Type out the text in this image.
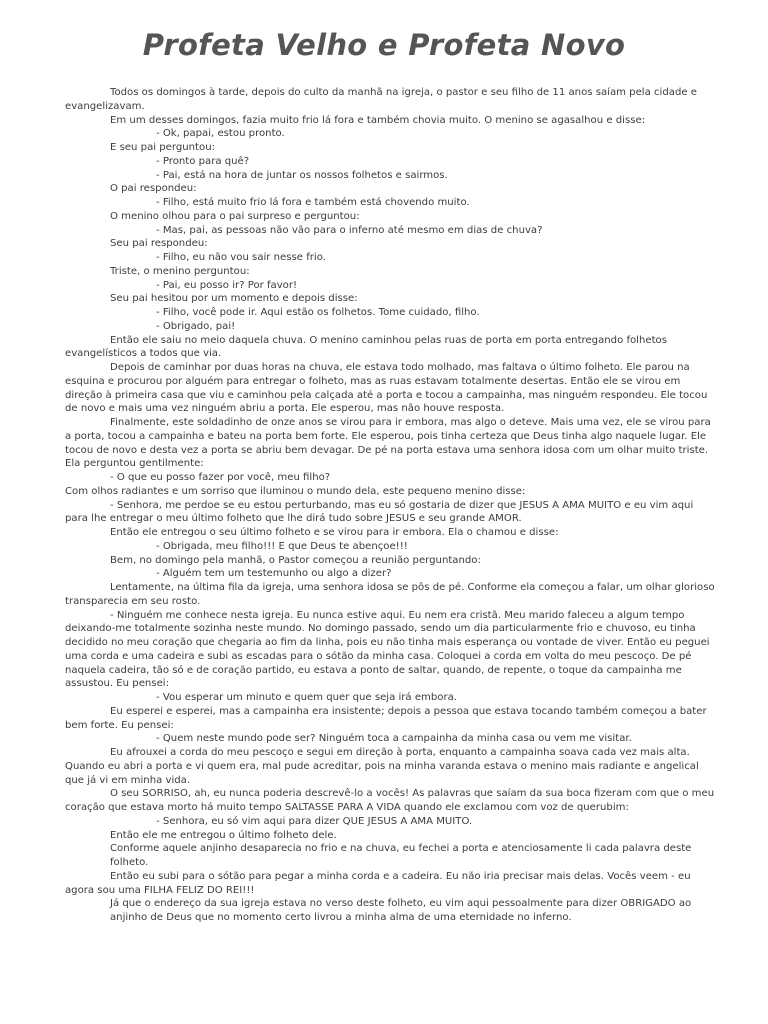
Profeta Velho e Profeta Novo

Todos os domingos à tarde, depois do culto da manhã na igreja, o pastor e seu filho de 11 anos saíam pela cidade e evangelizavam.

Em um desses domingos, fazia muito frio lá fora e também chovia muito. O menino se agasalhou e disse:

- Ok, papai, estou pronto.

E seu pai perguntou:

- Pronto para quê?

- Pai, está na hora de juntar os nossos folhetos e sairmos.

O pai respondeu:

- Filho, está muito frio lá fora e também está chovendo muito.

O menino olhou para o pai surpreso e perguntou:

- Mas, pai, as pessoas não vão para o inferno até mesmo em dias de chuva?

Seu pai respondeu:

- Filho, eu não vou sair nesse frio.

Triste, o menino perguntou:

- Pai, eu posso ir? Por favor!

Seu pai hesitou por um momento e depois disse:

- Filho, você pode ir. Aqui estão os folhetos. Tome cuidado, filho.

- Obrigado, pai!

Então ele saiu no meio daquela chuva. O menino caminhou pelas ruas de porta em porta entregando folhetos evangelísticos a todos que via.

Depois de caminhar por duas horas na chuva, ele estava todo molhado, mas faltava o último folheto. Ele parou na esquina e procurou por alguém para entregar o folheto, mas as ruas estavam totalmente desertas. Então ele se virou em direção à primeira casa que viu e caminhou pela calçada até a porta e tocou a campainha, mas ninguém respondeu. Ele tocou de novo e mais uma vez ninguém abriu a porta. Ele esperou, mas não houve resposta.

Finalmente, este soldadinho de onze anos se virou para ir embora, mas algo o deteve. Mais uma vez, ele se virou para a porta, tocou a campainha e bateu na porta bem forte. Ele esperou, pois tinha certeza que Deus tinha algo naquele lugar. Ele tocou de novo e desta vez a porta se abriu bem devagar. De pé na porta estava uma senhora idosa com um olhar muito triste. Ela perguntou gentilmente:

- O que eu posso fazer por você, meu filho?

Com olhos radiantes e um sorriso que iluminou o mundo dela, este pequeno menino disse:

- Senhora, me perdoe se eu estou perturbando, mas eu só gostaria de dizer que JESUS A AMA MUITO e eu vim aqui para lhe entregar o meu último folheto que lhe dirá tudo sobre JESUS e seu grande AMOR.

Então ele entregou o seu último folheto e se virou para ir embora. Ela o chamou e disse:

- Obrigada, meu filho!!! E que Deus te abençoe!!!

Bem, no domingo pela manhã, o Pastor começou a reunião perguntando:

- Alguém tem um testemunho ou algo a dizer?

Lentamente, na última fila da igreja, uma senhora idosa se pôs de pé. Conforme ela começou a falar, um olhar glorioso transparecia em seu rosto.

- Ninguém me conhece nesta igreja. Eu nunca estive aqui. Eu nem era cristã. Meu marido faleceu a algum tempo deixando-me totalmente sozinha neste mundo. No domingo passado, sendo um dia particularmente frio e chuvoso, eu tinha decidido no meu coração que chegaria ao fim da linha, pois eu não tinha mais esperança ou vontade de viver. Então eu peguei uma corda e uma cadeira e subi as escadas para o sótão da minha casa. Coloquei a corda em volta do meu pescoço. De pé naquela cadeira, tão só e de coração partido, eu estava a ponto de saltar, quando, de repente, o toque da campainha me assustou. Eu pensei:

- Vou esperar um minuto e quem quer que seja irá embora.

Eu esperei e esperei, mas a campainha era insistente; depois a pessoa que estava tocando também começou a bater bem forte. Eu pensei:

- Quem neste mundo pode ser? Ninguém toca a campainha da minha casa ou vem me visitar.

Eu afrouxei a corda do meu pescoço e segui em direção à porta, enquanto a campainha soava cada vez mais alta.

Quando eu abri a porta e vi quem era, mal pude acreditar, pois na minha varanda estava o menino mais radiante e angelical que já vi em minha vida.

O seu SORRISO, ah, eu nunca poderia descrevê-lo a vocês! As palavras que saíam da sua boca fizeram com que o meu coração que estava morto há muito tempo SALTASSE PARA A VIDA quando ele exclamou com voz de querubim:

- Senhora, eu só vim aqui para dizer QUE JESUS A AMA MUITO.

Então ele me entregou o último folheto dele.

Conforme aquele anjinho desaparecia no frio e na chuva, eu fechei a porta e atenciosamente li cada palavra deste folheto.

Então eu subi para o sótão para pegar a minha corda e a cadeira. Eu não iria precisar mais delas. Vocês veem - eu agora sou uma FILHA FELIZ DO REI!!!

Já que o endereço da sua igreja estava no verso deste folheto, eu vim aqui pessoalmente para dizer OBRIGADO ao anjinho de Deus que no momento certo livrou a minha alma de uma eternidade no inferno.
